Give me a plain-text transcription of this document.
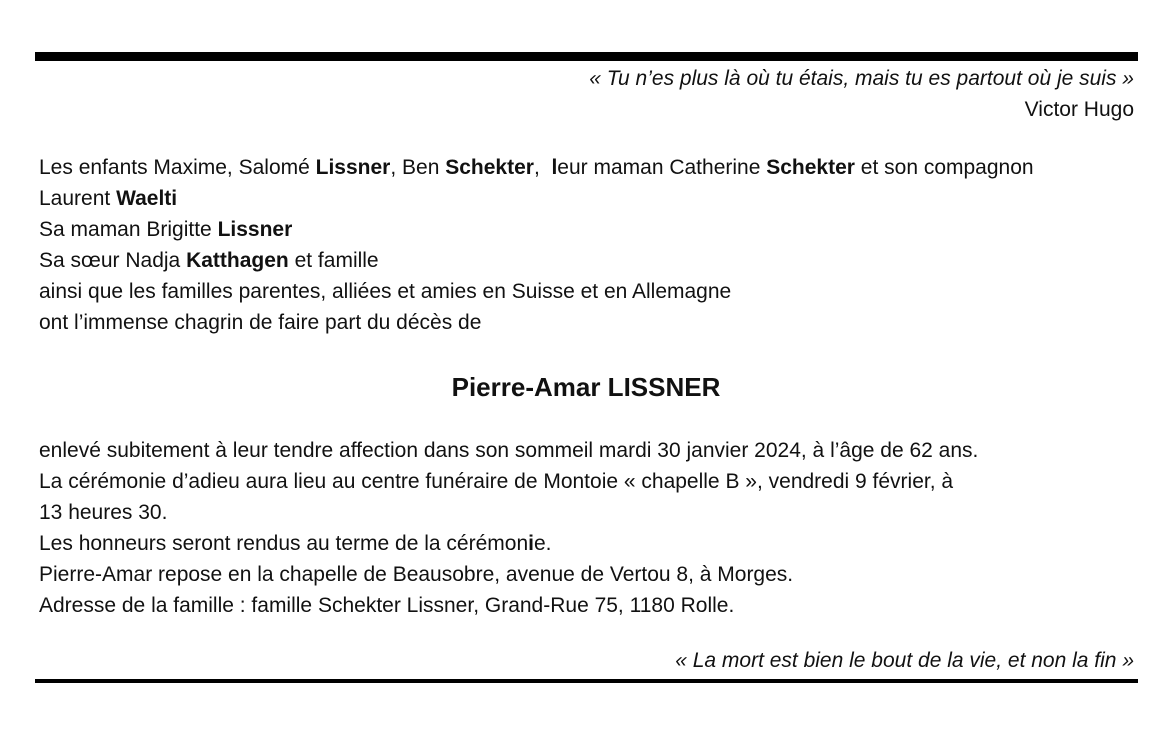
« Tu n’es plus là où tu étais, mais tu es partout où je suis »
Victor Hugo
Les enfants Maxime, Salomé Lissner, Ben Schekter,  leur maman Catherine Schekter et son compagnon
Laurent Waelti
Sa maman Brigitte Lissner
Sa sœur Nadja Katthagen et famille
ainsi que les familles parentes, alliées et amies en Suisse et en Allemagne
ont l’immense chagrin de faire part du décès de
Pierre-Amar LISSNER
enlevé subitement à leur tendre affection dans son sommeil mardi 30 janvier 2024, à l’âge de 62 ans.
La cérémonie d’adieu aura lieu au centre funéraire de Montoie « chapelle B », vendredi 9 février, à
13 heures 30.
Les honneurs seront rendus au terme de la cérémonie.
Pierre-Amar repose en la chapelle de Beausobre, avenue de Vertou 8, à Morges.
Adresse de la famille : famille Schekter Lissner, Grand-Rue 75, 1180 Rolle.
« La mort est bien le bout de la vie, et non la fin »
